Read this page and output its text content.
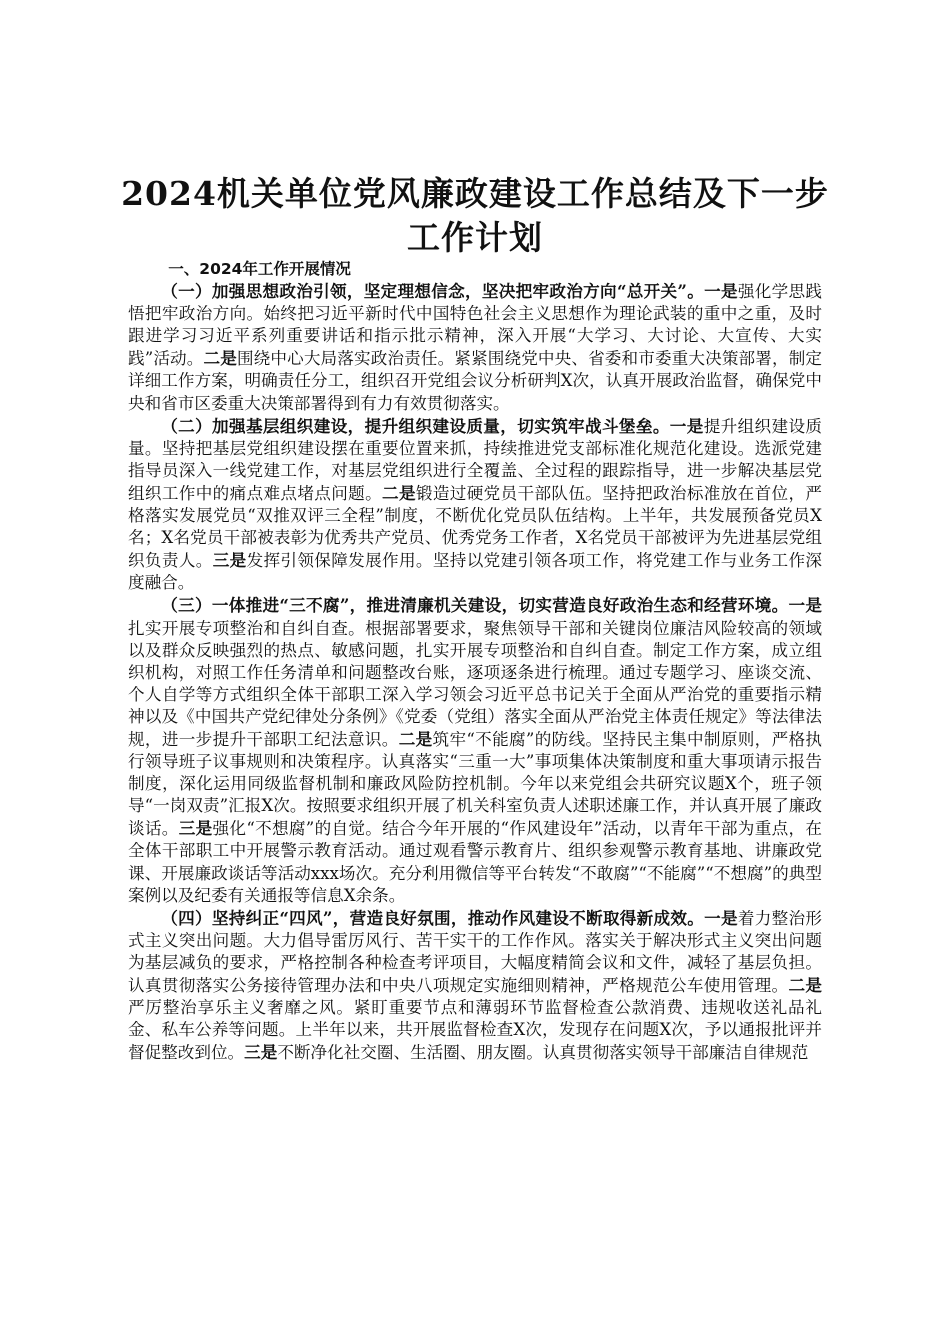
2024机关单位党风廉政建设工作总结及下一步工作计划

一、2024年工作开展情况

（一）加强思想政治引领，坚定理想信念，坚决把牢政治方向“总开关”。一是强化学思践悟把牢政治方向。始终把习近平新时代中国特色社会主义思想作为理论武装的重中之重，及时跟进学习习近平系列重要讲话和指示批示精神，深入开展“大学习、大讨论、大宣传、大实践”活动。二是围绕中心大局落实政治责任。紧紧围绕党中央、省委和市委重大决策部署，制定详细工作方案，明确责任分工，组织召开党组会议分析研判X次，认真开展政治监督，确保党中央和省市区委重大决策部署得到有力有效贯彻落实。

（二）加强基层组织建设，提升组织建设质量，切实筑牢战斗堡垒。一是提升组织建设质量。坚持把基层党组织建设摆在重要位置来抓，持续推进党支部标准化规范化建设。选派党建指导员深入一线党建工作，对基层党组织进行全覆盖、全过程的跟踪指导，进一步解决基层党组织工作中的痛点难点堵点问题。二是锻造过硬党员干部队伍。坚持把政治标准放在首位，严格落实发展党员“双推双评三全程”制度，不断优化党员队伍结构。上半年，共发展预备党员X名；X名党员干部被表彰为优秀共产党员、优秀党务工作者，X名党员干部被评为先进基层党组织负责人。三是发挥引领保障发展作用。坚持以党建引领各项工作，将党建工作与业务工作深度融合。

（三）一体推进“三不腐”，推进清廉机关建设，切实营造良好政治生态和经营环境。一是扎实开展专项整治和自纠自查。根据部署要求，聚焦领导干部和关键岗位廉洁风险较高的领域以及群众反映强烈的热点、敏感问题，扎实开展专项整治和自纠自查。制定工作方案，成立组织机构，对照工作任务清单和问题整改台账，逐项逐条进行梳理。通过专题学习、座谈交流、个人自学等方式组织全体干部职工深入学习领会习近平总书记关于全面从严治党的重要指示精神以及《中国共产党纪律处分条例》《党委（党组）落实全面从严治党主体责任规定》等法律法规，进一步提升干部职工纪法意识。二是筑牢“不能腐”的防线。坚持民主集中制原则，严格执行领导班子议事规则和决策程序。认真落实“三重一大”事项集体决策制度和重大事项请示报告制度，深化运用同级监督机制和廉政风险防控机制。今年以来党组会共研究议题X个，班子领导“一岗双责”汇报X次。按照要求组织开展了机关科室负责人述职述廉工作，并认真开展了廉政谈话。三是强化“不想腐”的自觉。结合今年开展的“作风建设年”活动，以青年干部为重点，在全体干部职工中开展警示教育活动。通过观看警示教育片、组织参观警示教育基地、讲廉政党课、开展廉政谈话等活动xxx场次。充分利用微信等平台转发“不敢腐”“不能腐”“不想腐”的典型案例以及纪委有关通报等信息X余条。

（四）坚持纠正“四风”，营造良好氛围，推动作风建设不断取得新成效。一是着力整治形式主义突出问题。大力倡导雷厉风行、苦干实干的工作作风。落实关于解决形式主义突出问题为基层减负的要求，严格控制各种检查考评项目，大幅度精简会议和文件，减轻了基层负担。认真贯彻落实公务接待管理办法和中央八项规定实施细则精神，严格规范公车使用管理。二是严厉整治享乐主义奢靡之风。紧盯重要节点和薄弱环节监督检查公款消费、违规收送礼品礼金、私车公养等问题。上半年以来，共开展监督检查X次，发现存在问题X次，予以通报批评并督促整改到位。三是不断净化社交圈、生活圈、朋友圈。认真贯彻落实领导干部廉洁自律规范
